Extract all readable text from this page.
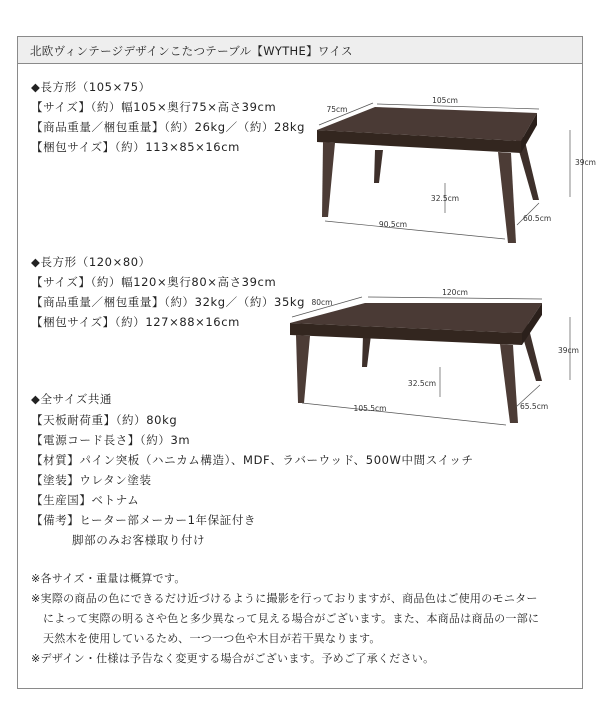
北欧ヴィンテージデザインこたつテーブル【WYTHE】ワイス
◆長方形（105×75）
【サイズ】（約）幅105×奥行75×高さ39cm
【商品重量／梱包重量】（約）26kg／（約）28kg
【梱包サイズ】（約）113×85×16cm
105cm
75cm
39cm
32.5cm
90.5cm
60.5cm
◆長方形（120×80）
【サイズ】（約）幅120×奥行80×高さ39cm
【商品重量／梱包重量】（約）32kg／（約）35kg
【梱包サイズ】（約）127×88×16cm
120cm
80cm
39cm
32.5cm
105.5cm	65.5cm
◆全サイズ共通
【天板耐荷重】（約）80kg
【電源コード長さ】（約）3m
【材質】パイン突板（ハニカム構造）、MDF、ラバーウッド、500W中間スイッチ
【塗装】ウレタン塗装
【生産国】ベトナム
【備考】ヒーター部メーカー1年保証付き
脚部のみお客様取り付け
※各サイズ・重量は概算です。
※実際の商品の色にできるだけ近づけるように撮影を行っておりますが、商品色はご使用のモニター
によって実際の明るさや色と多少異なって見える場合がございます。また、本商品は商品の一部に
天然木を使用しているため、一つ一つ色や木目が若干異なります。
※デザイン・仕様は予告なく変更する場合がございます。予めご了承ください。
